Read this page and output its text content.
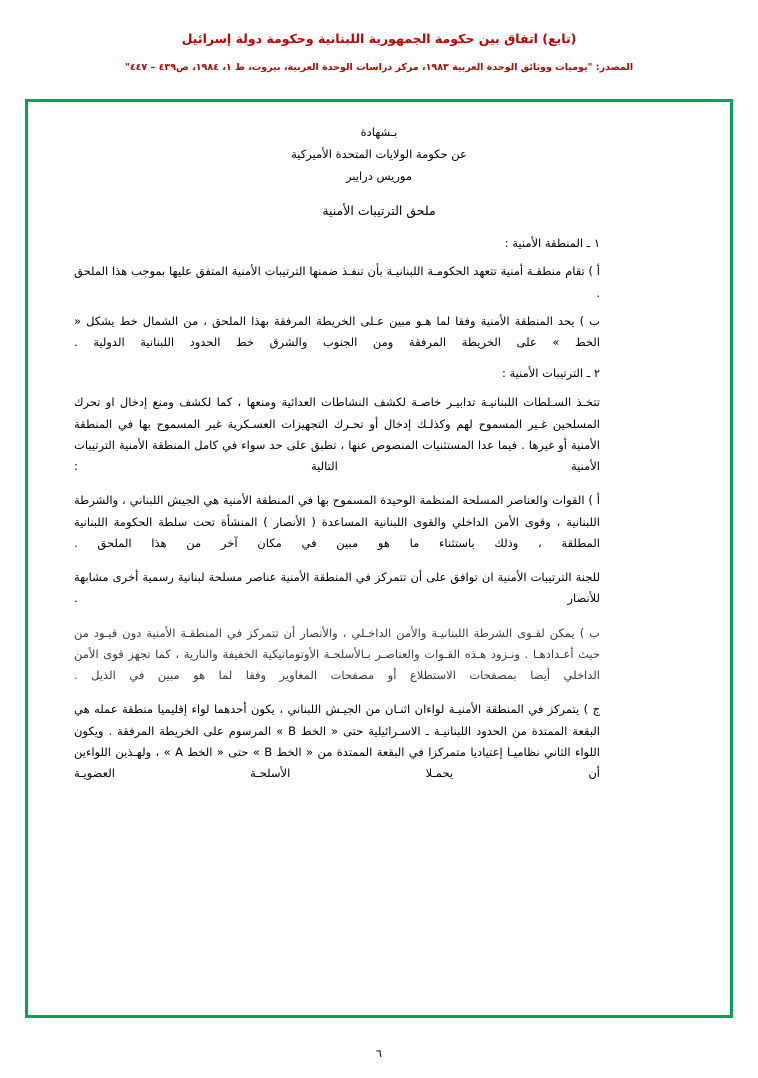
(تابع) اتفاق بين حكومة الجمهورية اللبنانية وحكومة دولة إسرائيل
المصدر: "يوميات ووثائق الوحدة العربية ١٩٨٣، مركز دراسات الوحدة العربية، بيروت، ط ١، ١٩٨٤، ص٤٣٩ – ٤٤٧"

بـشهادة

عن حكومة الولايات المتحدة الأميركية

موريس درايبر

ملحق الترتيبات الأمنية

١ ـ المنطقة الأمنية :

أ ) تقام منطقـة أمنية تتعهد الحكومـة اللبنانيـة بأن تنفـذ ضمنها الترتيبات الأمنية المتفق عليها بموجب هذا الملحق .

ب ) يحد المنطقة الأمنية وفقا لما هـو مبين عـلى الخريطة المرفقة بهذا الملحق ، من الشمال خط يشكل « الخط » على الخريطة المرفقة ومن الجنوب والشرق خط الحدود اللبنانية الدولية .

٢ ـ الترتيبات الأمنية :

تتخـذ السـلطات اللبنانيـة تدابيـر خاصـة لكشف النشاطات العدائية ومنعها ، كما لكشف ومنع إدخال او تحرك المسلحين غـير المسموح لهم وكذلـك إدخال أو تحـرك التجهيزات العسـكرية غير المسموح بها في المنطقة الأمنية أو غيرها . فيما عدا المستثنيات المنصوص عنها ، تطبق على حد سواء في كامل المنطقة الأمنية الترتيبات الأمنية التالية :

أ ) القوات والعناصر المسلحة المنظمة الوحيدة المسموح بها في المنطقة الأمنية هي الجيش اللبناني ، والشرطة اللبنانية ، وقوى الأمن الداخلي والقوى اللبنانية المساعدة ( الأنصار ) المنشأة تحت سلطة الحكومة اللبنانية المطلقة ، وذلك باستثناء ما هو مبين في مكان آخر من هذا الملحق .

للجنة الترتيبات الأمنية ان توافق على أن تتمركز في المنطقة الأمنية عناصر مسلحة لبنانية رسمية أخرى مشابهة للأنصار .

ب ) يمكن لقـوى الشرطة اللبنانيـة والأمن الداخـلي ، والأنصار أن تتمركز في المنطقـة الأمنية دون قيـود من حيث أعـدادهـا . ونـزود هـذه القـوات والعناصـر بـالأسلحـة الأوتوماتيكية الخفيفة والنارية ، كما تجهز قوى الأمن الداخلي أيضا بمصفحات الاستطلاع أو مصفحات المغاوير وفقا لما هو مبين في الذيل .

ج ) يتمركز في المنطقة الأمنيـة لواءان اثنـان من الجيـش اللبناني ، يكون أحدهما لواء إقليميا منطقة عمله هي البقعة الممتدة من الحدود اللبنانيـة ـ الاسـرائيلية حتى « الخط B » المرسوم على الخريطة المرفقة . ويكون اللواء الثاني نظاميـا إعتياديا متمركزا في البقعة الممتدة من « الخط B » حتى « الخط A » ، ولهـذين اللواءين أن يحمـلا الأسلحـة العضويـة

٦
